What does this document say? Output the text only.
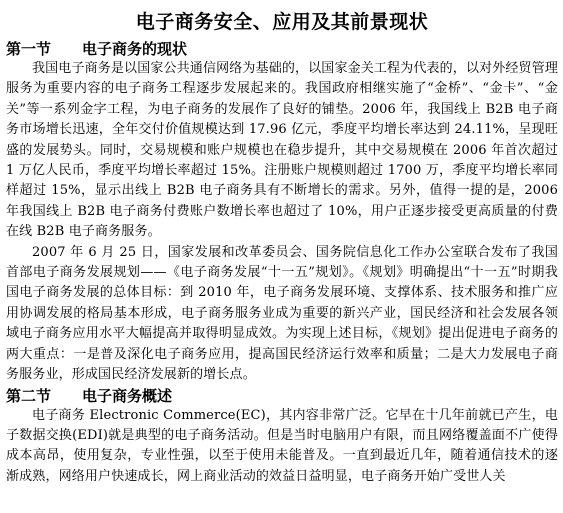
电子商务安全、应用及其前景现状
第一节	电子商务的现状

我国电子商务是以国家公共通信网络为基础的，以国家金关工程为代表的，以对外经贸管理服务为重要内容的电子商务工程逐步发展起来的。我国政府相继实施了“金桥”、“金卡”、“金关”等一系列金字工程，为电子商务的发展作了良好的铺垫。2006 年，我国线上 B2B 电子商务市场增长迅速，全年交付价值规模达到 17.96 亿元，季度平均增长率达到 24.11%，呈现旺盛的发展势头。同时，交易规模和账户规模也在稳步提升，其中交易规模在 2006 年首次超过 1 万亿人民币，季度平均增长率超过 15%。注册账户规模则超过 1700 万，季度平均增长率同样超过 15%，显示出线上 B2B 电子商务具有不断增长的需求。另外，值得一提的是，2006 年我国线上 B2B 电子商务付费账户数增长率也超过了 10%，用户正逐步接受更高质量的付费在线 B2B 电子商务服务。

2007 年 6 月 25 日，国家发展和改革委员会、国务院信息化工作办公室联合发布了我国首部电子商务发展规划——《电子商务发展“十一五”规划》。《规划》明确提出“十一五”时期我国电子商务发展的总体目标：到 2010 年，电子商务发展环境、支撑体系、技术服务和推广应用协调发展的格局基本形成，电子商务服务业成为重要的新兴产业，国民经济和社会发展各领域电子商务应用水平大幅提高并取得明显成效。为实现上述目标，《规划》提出促进电子商务的两大重点：一是普及深化电子商务应用，提高国民经济运行效率和质量；二是大力发展电子商务服务业，形成国民经济发展新的增长点。

第二节	电子商务概述

电子商务 Electronic Commerce(EC)，其内容非常广泛。它早在十几年前就已产生，电子数据交换(EDI)就是典型的电子商务活动。但是当时电脑用户有限，而且网络覆盖面不广使得成本高昂，使用复杂，专业性强，以至于使用未能普及。一直到最近几年，随着通信技术的逐渐成熟，网络用户快速成长，网上商业活动的效益日益明显，电子商务开始广受世人关
